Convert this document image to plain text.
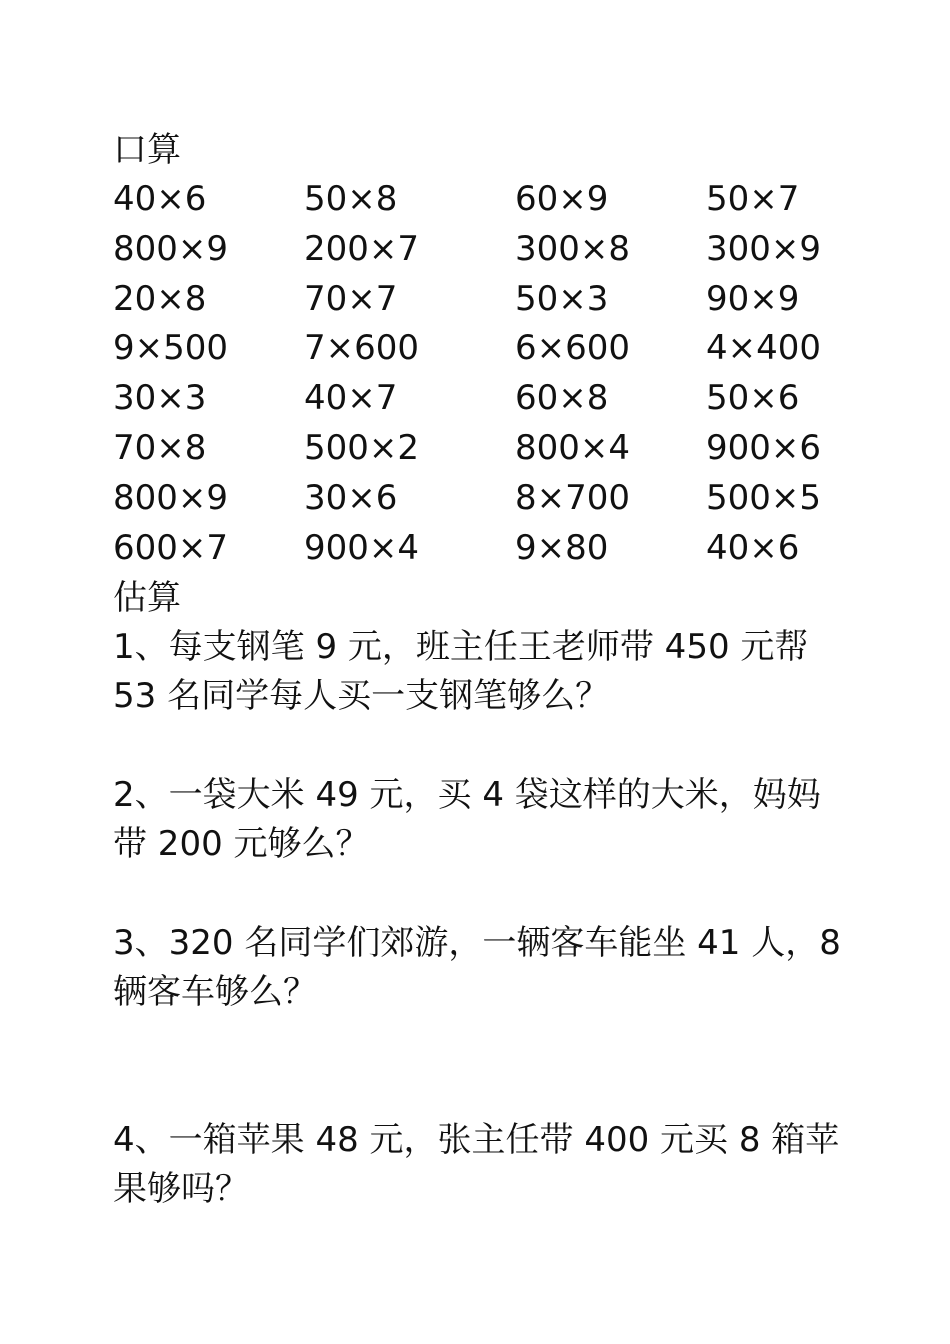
口算
40×6	50×8	60×9	50×7
800×9	200×7	300×8	300×9
20×8	70×7	50×3	90×9
9×500	7×600	6×600	4×400
30×3	40×7	60×8	50×6
70×8	500×2	800×4	900×6
800×9	30×6	8×700	500×5
600×7	900×4	9×80	40×6
估算
1、每支钢笔 9 元，班主任王老师带 450 元帮 53 名同学每人买一支钢笔够么？
2、一袋大米 49 元，买 4 袋这样的大米，妈妈带 200 元够么？
3、320 名同学们郊游，一辆客车能坐 41 人，8 辆客车够么？
4、一箱苹果 48 元，张主任带 400 元买 8 箱苹果够吗？
